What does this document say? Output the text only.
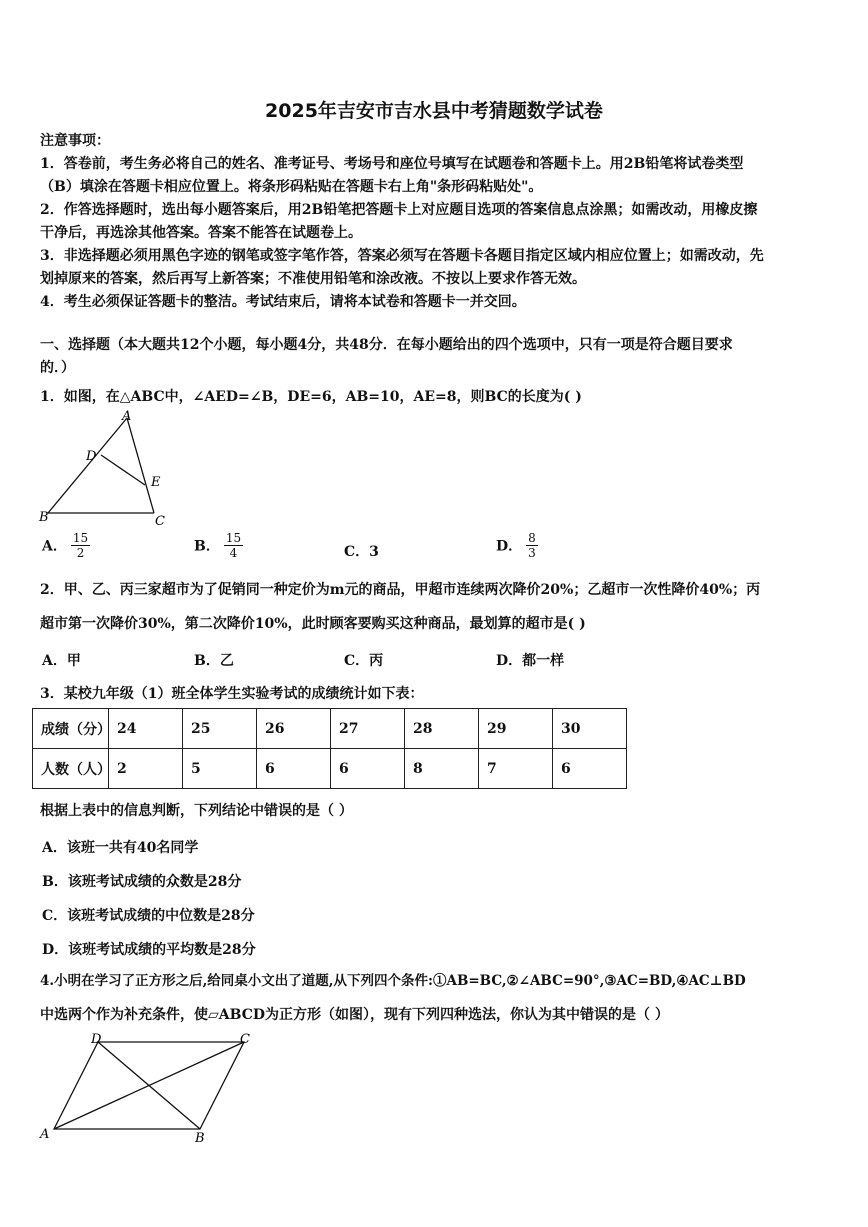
2025年吉安市吉水县中考猜题数学试卷
注意事项：
1．答卷前，考生务必将自己的姓名、准考证号、考场号和座位号填写在试题卷和答题卡上。用2B铅笔将试卷类型
（B）填涂在答题卡相应位置上。将条形码粘贴在答题卡右上角"条形码粘贴处"。
2．作答选择题时，选出每小题答案后，用2B铅笔把答题卡上对应题目选项的答案信息点涂黑；如需改动，用橡皮擦
干净后，再选涂其他答案。答案不能答在试题卷上。
3．非选择题必须用黑色字迹的钢笔或签字笔作答，答案必须写在答题卡各题目指定区域内相应位置上；如需改动，先
划掉原来的答案，然后再写上新答案；不准使用铅笔和涂改液。不按以上要求作答无效。
4．考生必须保证答题卡的整洁。考试结束后，请将本试卷和答题卡一并交回。
一、选择题（本大题共12个小题，每小题4分，共48分．在每小题给出的四个选项中，只有一项是符合题目要求
的．）
1．如图，在△ABC中，∠AED=∠B，DE=6，AB=10，AE=8，则BC的长度为( )
A
B	C
D
E
A． $\frac{15}{2}$	B． $\frac{15}{4}$	C．3	D． $\frac{8}{3}$
2．甲、乙、丙三家超市为了促销同一种定价为m元的商品，甲超市连续两次降价20%；乙超市一次性降价40%；丙
超市第一次降价30%，第二次降价10%，此时顾客要购买这种商品，最划算的超市是( )
A．甲	B．乙	C．丙	D．都一样
3．某校九年级（1）班全体学生实验考试的成绩统计如下表：
成绩（分）	24	25	26	27	28	29	30
人数（人）	2	5	6	6	8	7	6
根据上表中的信息判断，下列结论中错误的是（ ）
A．该班一共有40名同学
B．该班考试成绩的众数是28分
C．该班考试成绩的中位数是28分
D．该班考试成绩的平均数是28分
4.小明在学习了正方形之后,给同桌小文出了道题,从下列四个条件:①AB=BC,②∠ABC=90°,③AC=BD,④AC⊥BD
中选两个作为补充条件，使▱ABCD为正方形（如图），现有下列四种选法，你认为其中错误的是（ ）
A	B
C
D
